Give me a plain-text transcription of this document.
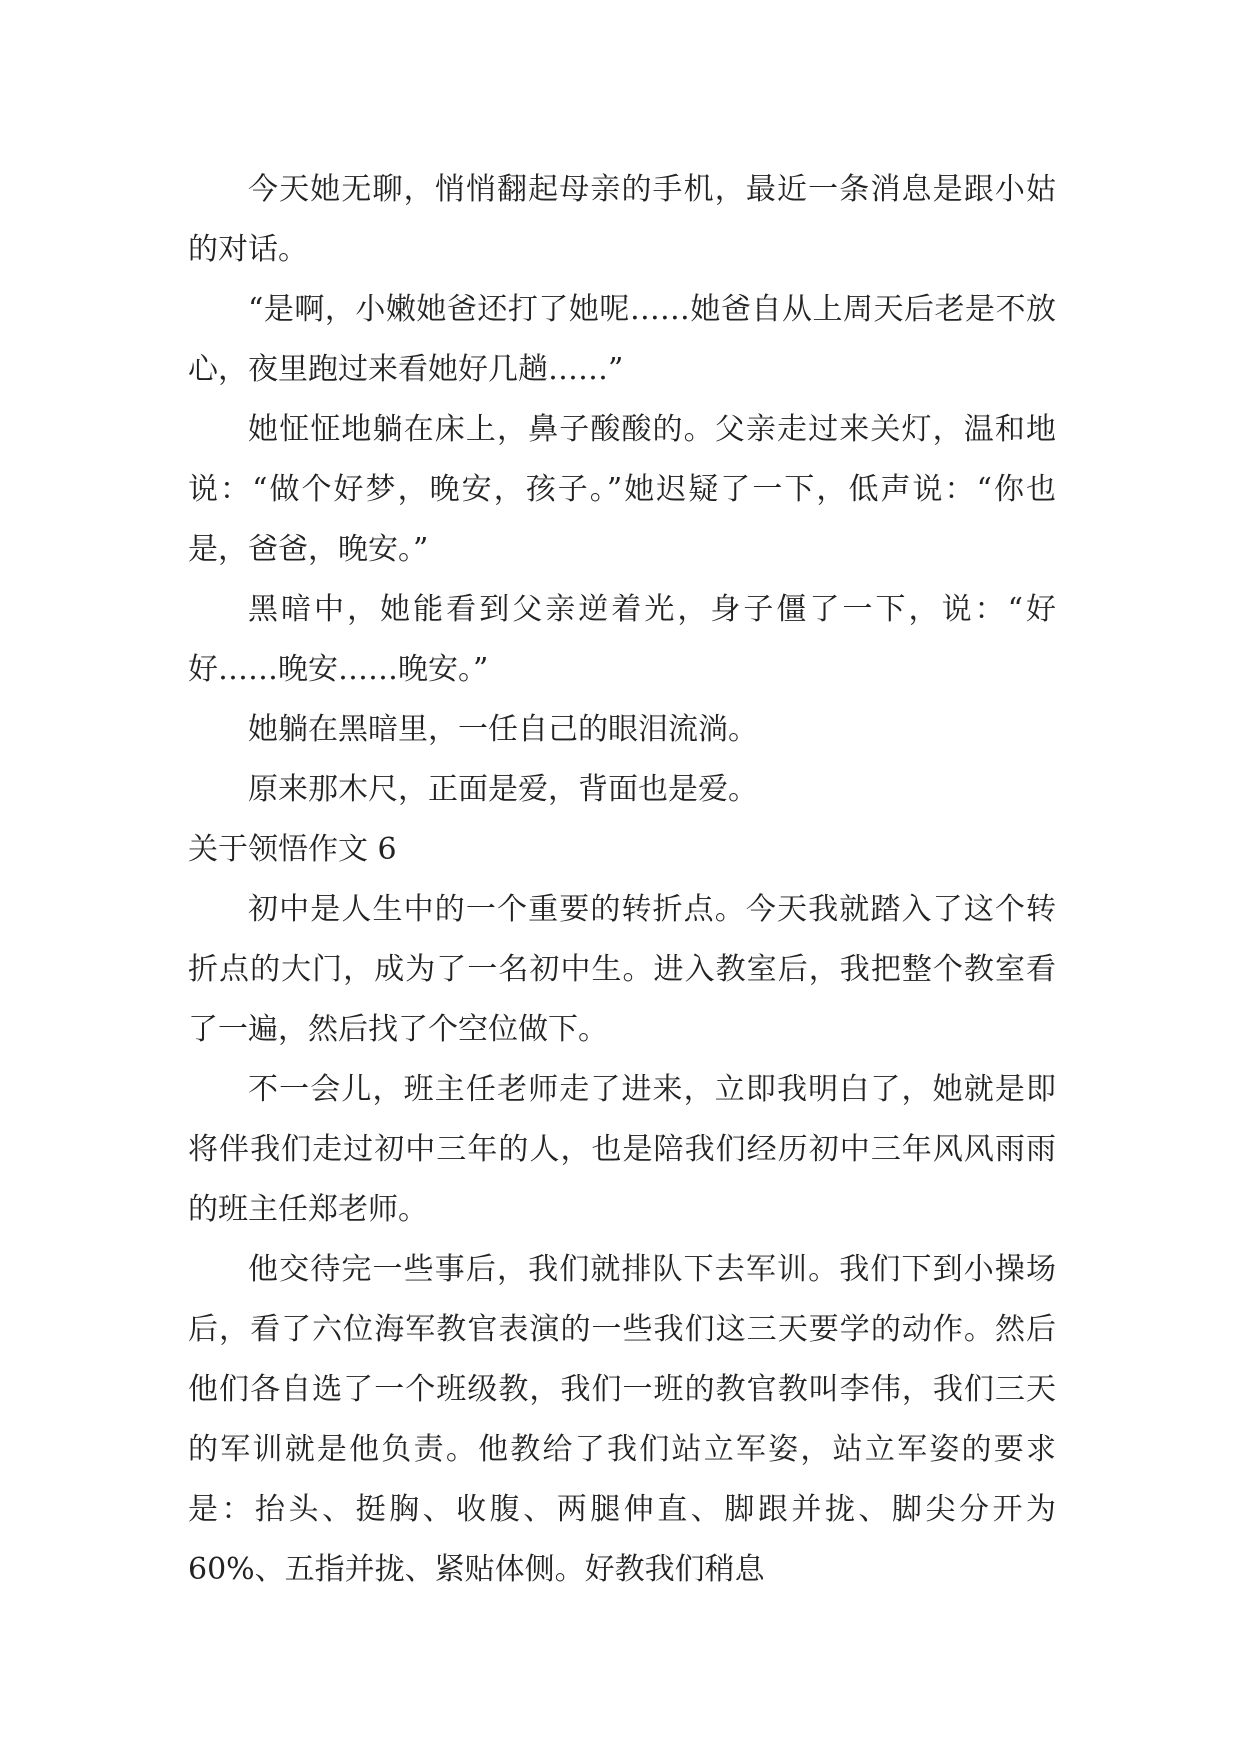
今天她无聊，悄悄翻起母亲的手机，最近一条消息是跟小姑的对话。

“是啊，小嫩她爸还打了她呢……她爸自从上周天后老是不放心，夜里跑过来看她好几趟……”

她怔怔地躺在床上，鼻子酸酸的。父亲走过来关灯，温和地说：“做个好梦，晚安，孩子。”她迟疑了一下，低声说：“你也是，爸爸，晚安。”

黑暗中，她能看到父亲逆着光，身子僵了一下，说：“好好……晚安……晚安。”

她躺在黑暗里，一任自己的眼泪流淌。

原来那木尺，正面是爱，背面也是爱。

关于领悟作文 6

初中是人生中的一个重要的转折点。今天我就踏入了这个转折点的大门，成为了一名初中生。进入教室后，我把整个教室看了一遍，然后找了个空位做下。

不一会儿，班主任老师走了进来，立即我明白了，她就是即将伴我们走过初中三年的人，也是陪我们经历初中三年风风雨雨的班主任郑老师。

他交待完一些事后，我们就排队下去军训。我们下到小操场后，看了六位海军教官表演的一些我们这三天要学的动作。然后他们各自选了一个班级教，我们一班的教官教叫李伟，我们三天的军训就是他负责。他教给了我们站立军姿，站立军姿的要求是：抬头、挺胸、收腹、两腿伸直、脚跟并拢、脚尖分开为 60%、五指并拢、紧贴体侧。好教我们稍息
